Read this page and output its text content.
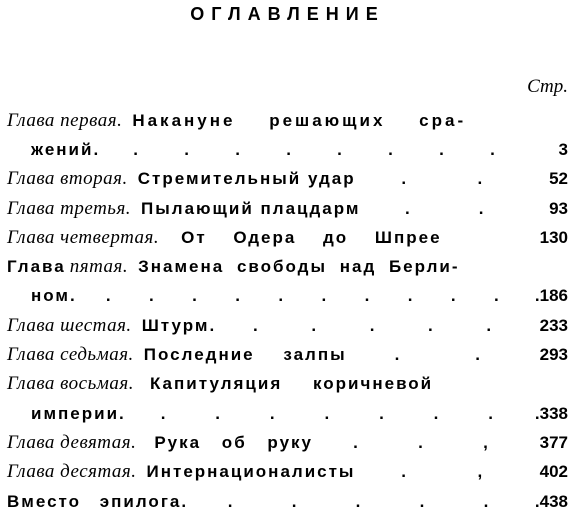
ОГЛАВЛЕНИЕ
Стр.
Глава первая. Накануне решающих сра-
жений. .	.	.	.	.	.	.	.	3
Глава вторая. Стремительный удар	.	.	52
Глава третья. Пылающий плацдарм	.	.	93
Глава четвертая. От Одера до Шпрее	130
Глава пятая. Знамена свободы над Берли-
ном. . . . . . . . . . .	.186
Глава шестая. Штурм. .	.	.	.	.	233
Глава седьмая. Последние залпы	.	.	293
Глава восьмая. Капитуляция коричневой
империи. .	.	.	.	.	.	.	.338
Глава девятая. Рука об руку .	.	,	377
Глава десятая. Интернационалисты	.	,	402
Вместо эпилога. .	.	.	.	.	.438
